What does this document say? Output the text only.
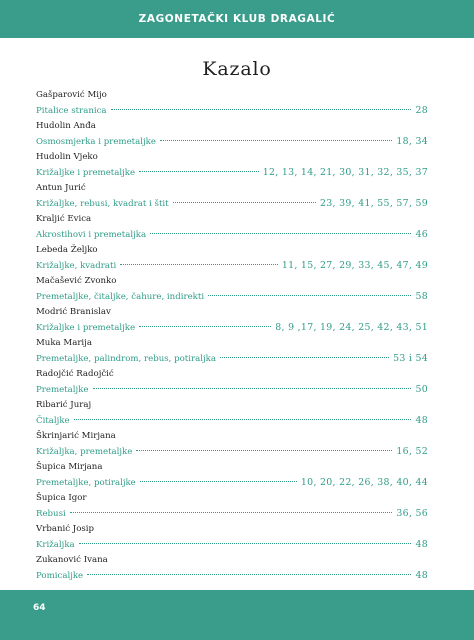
ZAGONETAČKI KLUB DRAGALIĆ
Kazalo
Gašparović Mijo
Pitalice stranica	28
Hudolin Anđa
Osmosmjerka i premetaljke	18, 34
Hudolin Vjeko
Križaljke i premetaljke	12, 13, 14, 21, 30, 31, 32, 35, 37
Antun Jurić
Križaljke, rebusi, kvadrat i štit	23, 39, 41, 55, 57, 59
Kraljić Evica
Akrostihovi i premetaljka	46
Lebeda Željko
Križaljke, kvadrati	11, 15, 27, 29, 33, 45, 47, 49
Mačašević Zvonko
Premetaljke, čitaljke, čahure, indirekti	58
Modrić Branislav
Križaljke i premetaljke	8, 9 ,17, 19, 24, 25, 42, 43, 51
Muka Marija
Premetaljke, palindrom, rebus, potiraljka	53 i 54
Radojčić Radojčić
Premetaljke	50
Ribarić Juraj
Čitaljke	48
Škrinjarić Mirjana
Križaljka, premetaljke	16, 52
Šupica Mirjana
Premetaljke, potiraljke	10, 20, 22, 26, 38, 40, 44
Šupica Igor
Rebusi	36, 56
Vrbanić Josip
Križaljka	48
Zukanović Ivana
Pomicaljke	48
64
